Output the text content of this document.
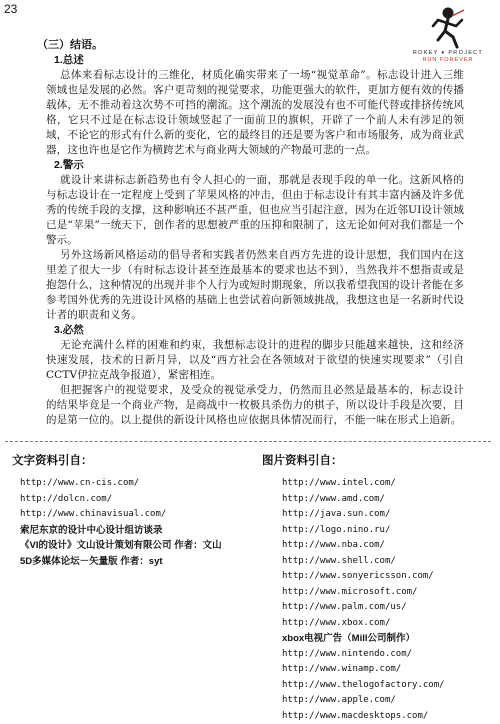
23
ROKEY ♦ PROJECT
RUN FOREVER
（三）结语。
1.总述

总体来看标志设计的三维化，材质化确实带来了一场“视觉革命”。标志设计进入三维领域也是发展的必然。客户更苛刻的视觉要求，功能更强大的软件，更加方便有效的传播载体，无不推动着这次势不可挡的潮流。这个潮流的发展没有也不可能代替或排挤传统风格，它只不过是在标志设计领域竖起了一面前卫的旗帜，开辟了一个前人未有涉足的领域，不论它的形式有什么新的变化，它的最终目的还是要为客户和市场服务，成为商业武器，这也许也是它作为横跨艺术与商业两大领域的产物最可悲的一点。

2.警示

就设计来讲标志新趋势也有令人担心的一面，那就是表现手段的单一化。这新风格的与标志设计在一定程度上受到了苹果风格的冲击，但由于标志设计有其丰富内涵及许多优秀的传统手段的支撑，这种影响还不甚严重，但也应当引起注意，因为在近邻UI设计领域已是“苹果”一统天下，创作者的思想被严重的压抑和限制了，这无论如何对我们都是一个警示。

另外这场新风格运动的倡导者和实践者仍然来自西方先进的设计思想，我们国内在这里差了很大一步（有时标志设计甚至连最基本的要求也达不到），当然我并不想指责或是抱怨什么，这种情况的出现并非个人行为或短时期现象，所以我希望我国的设计者能在多参考国外优秀的先进设计风格的基础上也尝试着向新领域挑战，我想这也是一名新时代设计者的职责和义务。

3.必然

无论充满什么样的困难和约束，我想标志设计的进程的脚步只能越来越快，这和经济快速发展，技术的日新月异，以及“西方社会在各领域对于欲望的快速实现要求”（引自CCTV伊拉克战争报道），紧密相连。

但把握客户的视觉要求，及受众的视觉承受力，仍然而且必然是最基本的，标志设计的结果毕竟是一个商业产物，是商战中一枚极具杀伤力的棋子，所以设计手段是次要，目的是第一位的。以上提供的新设计风格也应依据具体情况而行，不能一味在形式上追新。

文字资料引自：
http://www.cn-cis.com/
http://dolcn.com/
http://www.chinavisual.com/
索尼东京的设计中心设计组访谈录
《VI的设计》文山设计策划有限公司 作者：文山
5D多媒体论坛－矢量版 作者：syt
图片资料引自：
http://www.intel.com/
http://www.amd.com/
http://java.sun.com/
http://logo.nino.ru/
http://www.nba.com/
http://www.shell.com/
http://www.sonyericsson.com/
http://www.microsoft.com/
http://www.palm.com/us/
http://www.xbox.com/
xbox电视广告（Mill公司制作）
http://www.nintendo.com/
http://www.winamp.com/
http://www.thelogofactory.com/
http://www.apple.com/
http://www.macdesktops.com/
